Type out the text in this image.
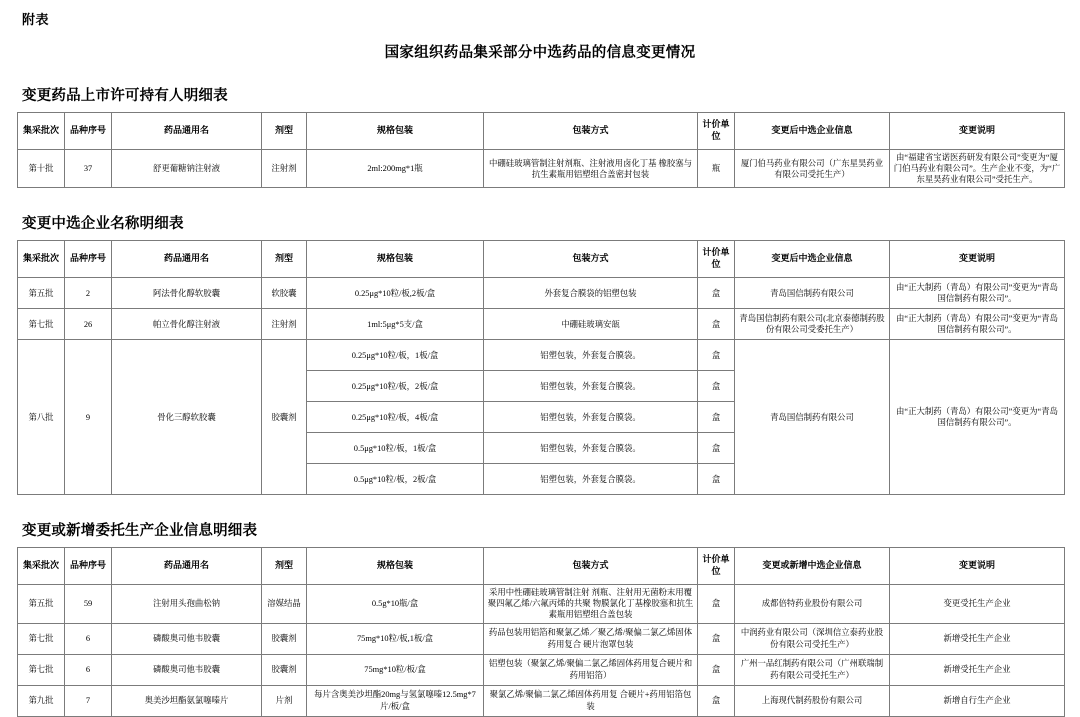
附表
国家组织药品集采部分中选药品的信息变更情况
变更药品上市许可持有人明细表
集采批次	品种序号	药品通用名	剂型	规格包装	包装方式	计价单位	变更后中选企业信息	变更说明
第十批	37	舒更葡糖钠注射液	注射剂	2ml:200mg*1瓶	中硼硅玻璃管制注射剂瓶、注射液用卤化丁基 橡胶塞与抗生素瓶用铝塑组合盖密封包装	瓶	厦门伯马药业有限公司（广东星昊药业有限公司受托生产）	由“福建省宝诺医药研发有限公司”变更为“厦门伯马药业有限公司”。生产企业不变，为“广东星昊药业有限公司”受托生产。
变更中选企业名称明细表
集采批次	品种序号	药品通用名	剂型	规格包装	包装方式	计价单位	变更后中选企业信息	变更说明
第五批	2	阿法骨化醇软胶囊	软胶囊	0.25μg*10粒/板,2板/盒	外套复合膜袋的铝塑包装	盒	青岛国信制药有限公司	由“正大制药（青岛）有限公司”变更为“青岛国信制药有限公司”。
第七批	26	帕立骨化醇注射液	注射剂	1ml:5μg*5支/盒	中硼硅玻璃安瓿	盒	青岛国信制药有限公司(北京泰德制药股份有限公司受委托生产）	由“正大制药（青岛）有限公司”变更为“青岛国信制药有限公司”。
第八批	9	骨化三醇软胶囊	胶囊剂	0.25μg*10粒/板，1板/盒	铝塑包装，外套复合膜袋。	盒	青岛国信制药有限公司	由“正大制药（青岛）有限公司”变更为“青岛国信制药有限公司”。
				0.25μg*10粒/板，2板/盒	铝塑包装，外套复合膜袋。	盒		
				0.25μg*10粒/板，4板/盒	铝塑包装，外套复合膜袋。	盒		
				0.5μg*10粒/板，1板/盒	铝塑包装，外套复合膜袋。	盒		
				0.5μg*10粒/板，2板/盒	铝塑包装，外套复合膜袋。	盒		
变更或新增委托生产企业信息明细表
集采批次	品种序号	药品通用名	剂型	规格包装	包装方式	计价单位	变更或新增中选企业信息	变更说明
第五批	59	注射用头孢曲松钠	溶媒结晶	0.5g*10瓶/盒	采用中性硼硅玻璃管制注射 剂瓶、注射用无菌粉末用覆 聚四氟乙烯/六氟丙烯的共聚 物膜氯化丁基橡胶塞和抗生 素瓶用铝塑组合盖包装	盒	成都倍特药业股份有限公司	变更受托生产企业
第七批	6	磷酸奥司他韦胶囊	胶囊剂	75mg*10粒/板,1板/盒	药品包装用铝箔和聚氯乙烯／聚乙烯/聚偏二氯乙烯固体药用复合 硬片泡罩包装	盒	中润药业有限公司（深圳信立泰药业股份有限公司受托生产）	新增受托生产企业
第七批	6	磷酸奥司他韦胶囊	胶囊剂	75mg*10粒/板/盒	铝塑包装（聚氯乙烯/聚偏二氯乙烯固体药用复合硬片和药用铝箔）	盒	广州一品红制药有限公司（广州联瑞制药有限公司受托生产）	新增受托生产企业
第九批	7	奥美沙坦酯氨氯噻嗪片	片剂	每片含奥美沙坦酯20mg与氢氯噻嗪12.5mg*7片/板/盒	聚氯乙烯/聚偏二氯乙烯固体药用复 合硬片+药用铝箔包装	盒	上海现代制药股份有限公司	新增自行生产企业
